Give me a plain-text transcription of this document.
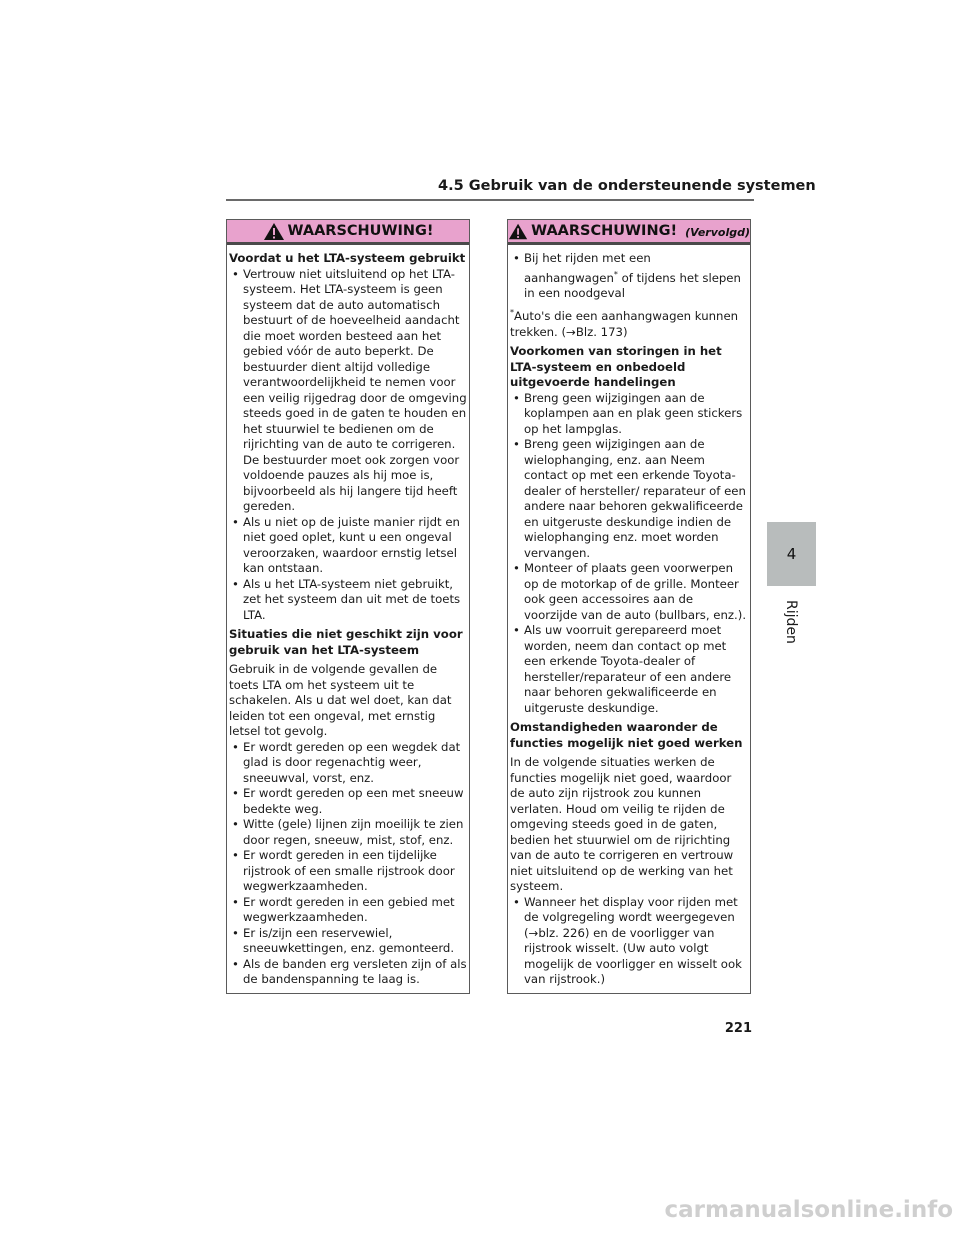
4.5 Gebruik van de ondersteunende systemen
WAARSCHUWING!
Voordat u het LTA-systeem gebruikt
• Vertrouw niet uitsluitend op het LTA-systeem. Het LTA-systeem is geen systeem dat de auto automatisch bestuurt of de hoeveelheid aandacht die moet worden besteed aan het gebied vóór de auto beperkt. De bestuurder dient altijd volledige verantwoordelijkheid te nemen voor een veilig rijgedrag door de omgeving steeds goed in de gaten te houden en het stuurwiel te bedienen om de rijrichting van de auto te corrigeren. De bestuurder moet ook zorgen voor voldoende pauzes als hij moe is, bijvoorbeeld als hij langere tijd heeft gereden.
• Als u niet op de juiste manier rijdt en niet goed oplet, kunt u een ongeval veroorzaken, waardoor ernstig letsel kan ontstaan.
• Als u het LTA-systeem niet gebruikt, zet het systeem dan uit met de toets LTA.
Situaties die niet geschikt zijn voor gebruik van het LTA-systeem
Gebruik in de volgende gevallen de toets LTA om het systeem uit te schakelen. Als u dat wel doet, kan dat leiden tot een ongeval, met ernstig letsel tot gevolg.
• Er wordt gereden op een wegdek dat glad is door regenachtig weer, sneeuwval, vorst, enz.
• Er wordt gereden op een met sneeuw bedekte weg.
• Witte (gele) lijnen zijn moeilijk te zien door regen, sneeuw, mist, stof, enz.
• Er wordt gereden in een tijdelijke rijstrook of een smalle rijstrook door wegwerkzaamheden.
• Er wordt gereden in een gebied met wegwerkzaamheden.
• Er is/zijn een reservewiel, sneeuwkettingen, enz. gemonteerd.
• Als de banden erg versleten zijn of als de bandenspanning te laag is.
WAARSCHUWING! (Vervolgd)
• Bij het rijden met een aanhangwagen* of tijdens het slepen in een noodgeval
*Auto's die een aanhangwagen kunnen trekken. (→Blz. 173)
Voorkomen van storingen in het LTA-systeem en onbedoeld uitgevoerde handelingen
• Breng geen wijzigingen aan de koplampen aan en plak geen stickers op het lampglas.
• Breng geen wijzigingen aan de wielophanging, enz. aan Neem contact op met een erkende Toyota-dealer of hersteller/ reparateur of een andere naar behoren gekwalificeerde en uitgeruste deskundige indien de wielophanging enz. moet worden vervangen.
• Monteer of plaats geen voorwerpen op de motorkap of de grille. Monteer ook geen accessoires aan de voorzijde van de auto (bullbars, enz.).
• Als uw voorruit gerepareerd moet worden, neem dan contact op met een erkende Toyota-dealer of hersteller/reparateur of een andere naar behoren gekwalificeerde en uitgeruste deskundige.
Omstandigheden waaronder de functies mogelijk niet goed werken
In de volgende situaties werken de functies mogelijk niet goed, waardoor de auto zijn rijstrook zou kunnen verlaten. Houd om veilig te rijden de omgeving steeds goed in de gaten, bedien het stuurwiel om de rijrichting van de auto te corrigeren en vertrouw niet uitsluitend op de werking van het systeem.
• Wanneer het display voor rijden met de volgregeling wordt weergegeven (→blz. 226) en de voorligger van rijstrook wisselt. (Uw auto volgt mogelijk de voorligger en wisselt ook van rijstrook.)
4
Rijden
221
carmanualsonline.info
